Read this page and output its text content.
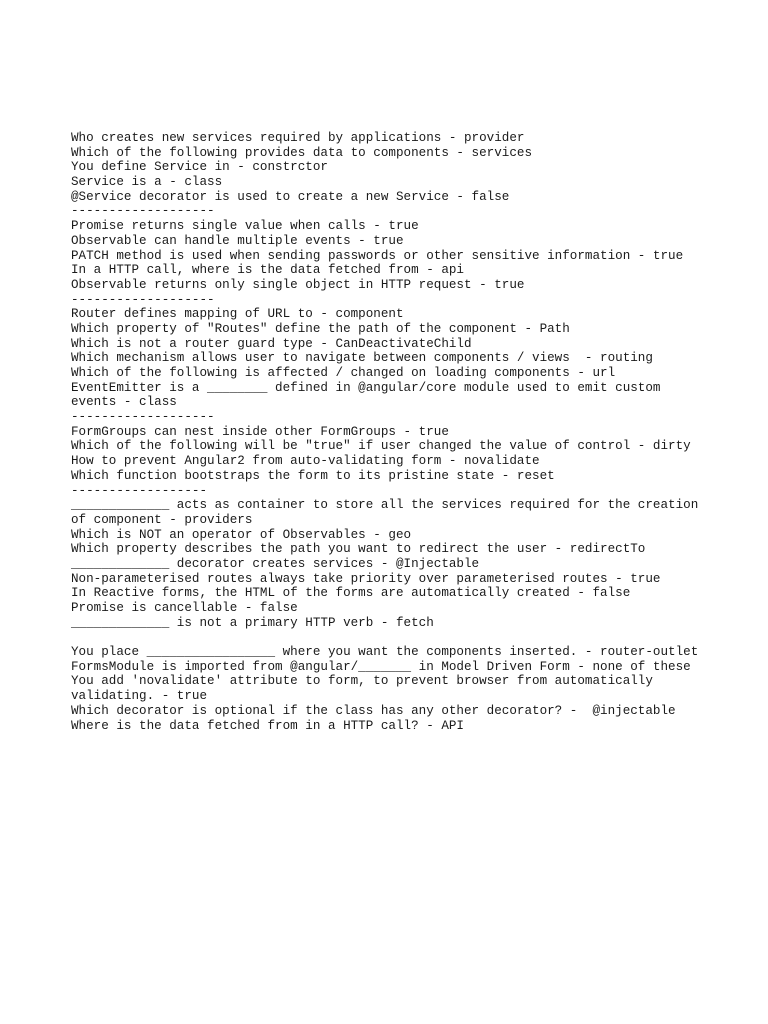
Who creates new services required by applications - provider
Which of the following provides data to components - services
You define Service in - constrctor
Service is a - class
@Service decorator is used to create a new Service - false
-------------------
Promise returns single value when calls - true
Observable can handle multiple events - true
PATCH method is used when sending passwords or other sensitive information - true
In a HTTP call, where is the data fetched from - api
Observable returns only single object in HTTP request - true
-------------------
Router defines mapping of URL to - component
Which property of "Routes" define the path of the component - Path
Which is not a router guard type - CanDeactivateChild
Which mechanism allows user to navigate between components / views  - routing
Which of the following is affected / changed on loading components - url
EventEmitter is a ________ defined in @angular/core module used to emit custom
events - class
-------------------
FormGroups can nest inside other FormGroups - true
Which of the following will be "true" if user changed the value of control - dirty
How to prevent Angular2 from auto-validating form - novalidate
Which function bootstraps the form to its pristine state - reset
------------------
_____________ acts as container to store all the services required for the creation
of component - providers
Which is NOT an operator of Observables - geo
Which property describes the path you want to redirect the user - redirectTo
_____________ decorator creates services - @Injectable
Non-parameterised routes always take priority over parameterised routes - true
In Reactive forms, the HTML of the forms are automatically created - false
Promise is cancellable - false
_____________ is not a primary HTTP verb - fetch
You place _________________ where you want the components inserted. - router-outlet
FormsModule is imported from @angular/_______ in Model Driven Form - none of these
You add 'novalidate' attribute to form, to prevent browser from automatically
validating. - true
Which decorator is optional if the class has any other decorator? -  @injectable
Where is the data fetched from in a HTTP call? - API
